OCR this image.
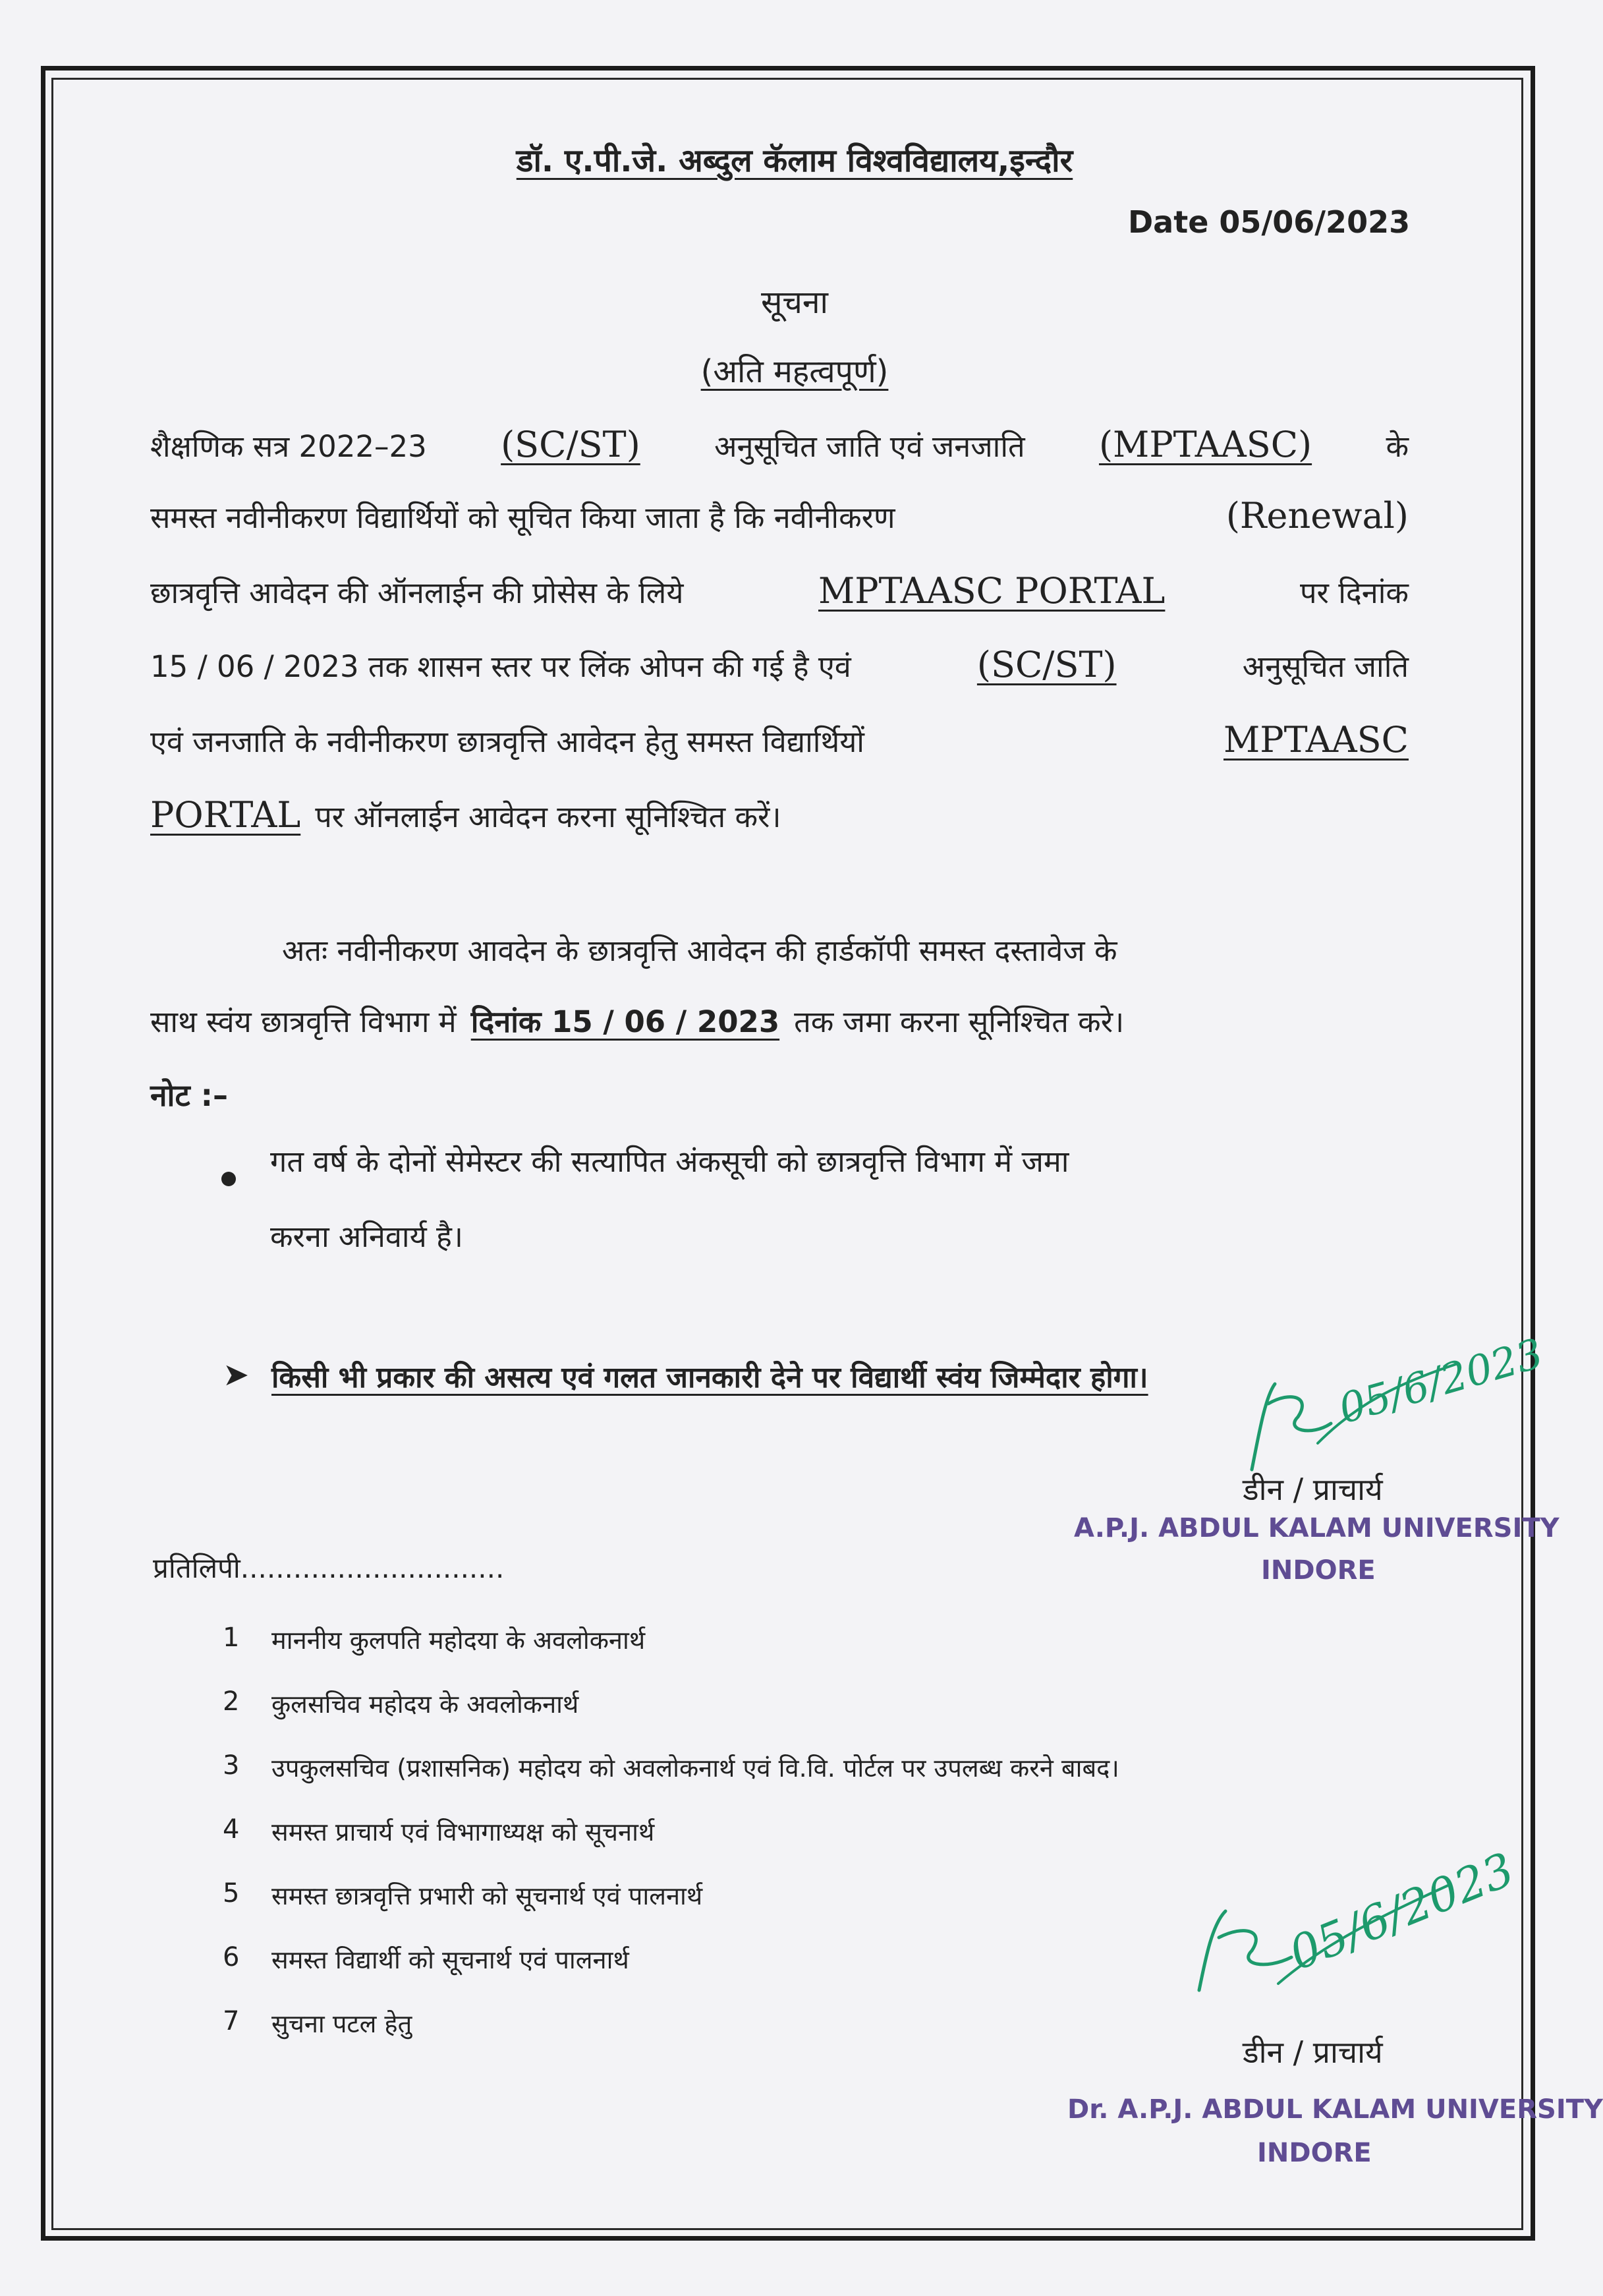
डॉ. ए.पी.जे. अब्दुल कॅलाम विश्वविद्यालय,इन्दौर
Date 05/06/2023
सूचना
(अति महत्वपूर्ण)
शैक्षणिक सत्र 2022–23 (SC/ST) अनुसूचित जाति एवं जनजाति (MPTAASC) के
समस्त नवीनीकरण विद्यार्थियों को सूचित किया जाता है कि नवीनीकरण	(Renewal)
छात्रवृत्ति आवेदन की ऑनलाईन की प्रोसेस के लिये	MPTAASC PORTAL	पर दिनांक
15 / 06 / 2023 तक शासन स्तर पर लिंक ओपन की गई है एवं	(SC/ST)	अनुसूचित जाति
एवं जनजाति के नवीनीकरण छात्रवृत्ति आवेदन हेतु समस्त विद्यार्थियों	MPTAASC
PORTAL पर ऑनलाईन आवेदन करना सूनिश्चित करें।
अतः नवीनीकरण आवदेन के छात्रवृत्ति आवेदन की हार्डकॉपी समस्त दस्तावेज के
साथ स्वंय छात्रवृत्ति विभाग में दिनांक 15 / 06 / 2023 तक जमा करना सूनिश्चित करे।
नोट :–
गत वर्ष के दोनों सेमेस्टर की सत्यापित अंकसूची को छात्रवृत्ति विभाग में जमा
करना अनिवार्य है।
➤ किसी भी प्रकार की असत्य एवं गलत जानकारी देने पर विद्यार्थी स्वंय जिम्मेदार होगा।	05/6/2023
डीन / प्राचार्य
A.P.J. ABDUL KALAM UNIVERSITY
INDORE
प्रतिलिपी..............................
1 माननीय कुलपति महोदया के अवलोकनार्थ
2 कुलसचिव महोदय के अवलोकनार्थ
3 उपकुलसचिव (प्रशासनिक) महोदय को अवलोकनार्थ एवं वि.वि. पोर्टल पर उपलब्ध करने बाबद।
4 समस्त प्राचार्य एवं विभागाध्यक्ष को सूचनार्थ
5 समस्त छात्रवृत्ति प्रभारी को सूचनार्थ एवं पालनार्थ
6 समस्त विद्यार्थी को सूचनार्थ एवं पालनार्थ
7 सुचना पटल हेतु
05/6/2023
डीन / प्राचार्य
Dr. A.P.J. ABDUL KALAM UNIVERSITY
INDORE
